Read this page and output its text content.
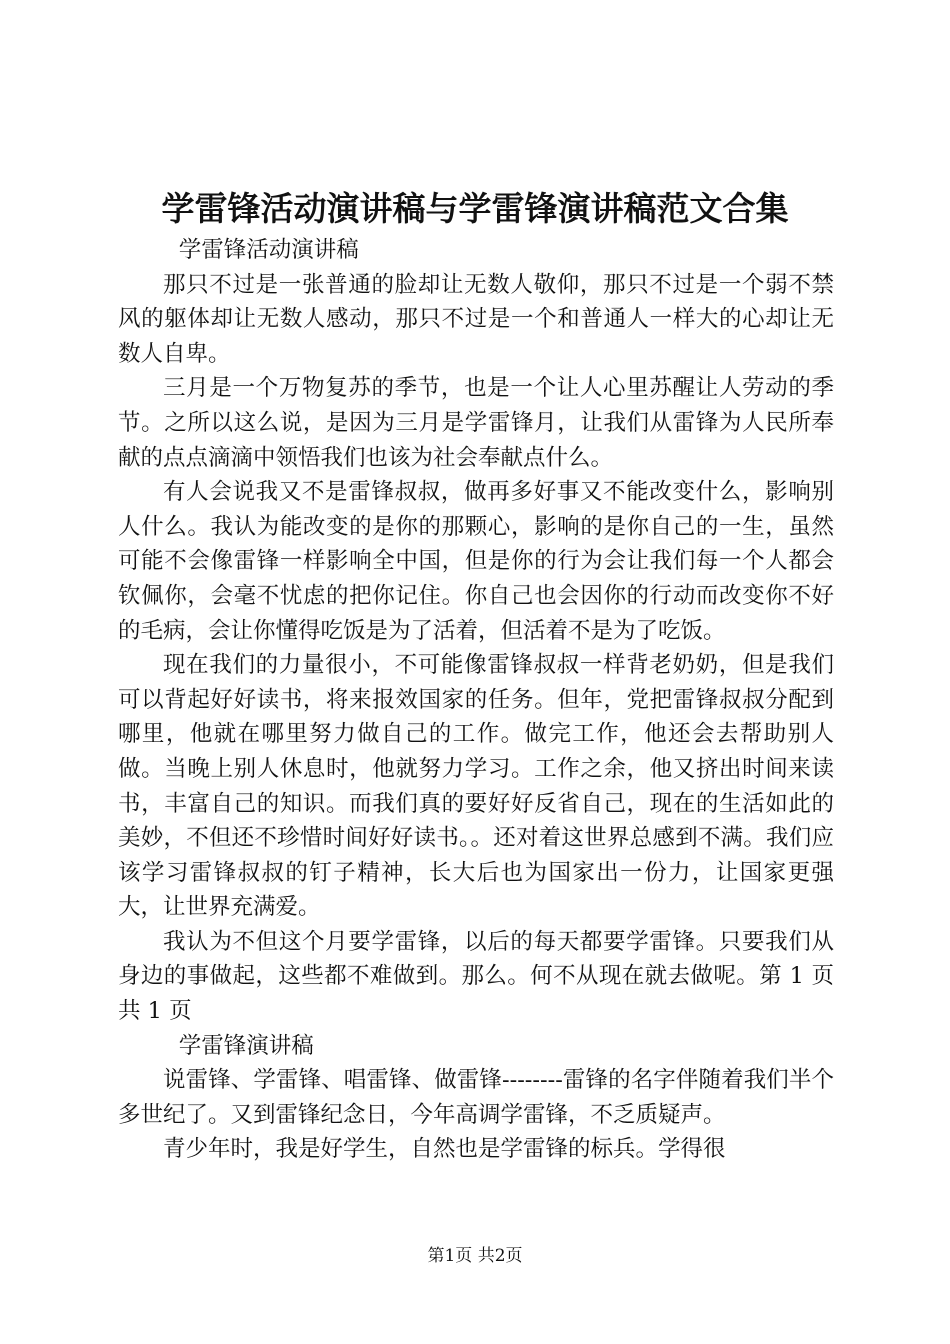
学雷锋活动演讲稿与学雷锋演讲稿范文合集

学雷锋活动演讲稿

那只不过是一张普通的脸却让无数人敬仰，那只不过是一个弱不禁风的躯体却让无数人感动，那只不过是一个和普通人一样大的心却让无数人自卑。

三月是一个万物复苏的季节，也是一个让人心里苏醒让人劳动的季节。之所以这么说，是因为三月是学雷锋月，让我们从雷锋为人民所奉献的点点滴滴中领悟我们也该为社会奉献点什么。

有人会说我又不是雷锋叔叔，做再多好事又不能改变什么，影响别人什么。我认为能改变的是你的那颗心，影响的是你自己的一生，虽然可能不会像雷锋一样影响全中国，但是你的行为会让我们每一个人都会钦佩你，会毫不忧虑的把你记住。你自己也会因你的行动而改变你不好的毛病，会让你懂得吃饭是为了活着，但活着不是为了吃饭。

现在我们的力量很小，不可能像雷锋叔叔一样背老奶奶，但是我们可以背起好好读书，将来报效国家的任务。但年，党把雷锋叔叔分配到哪里，他就在哪里努力做自己的工作。做完工作，他还会去帮助别人做。当晚上别人休息时，他就努力学习。工作之余，他又挤出时间来读书，丰富自己的知识。而我们真的要好好反省自己，现在的生活如此的美妙，不但还不珍惜时间好好读书。。还对着这世界总感到不满。我们应该学习雷锋叔叔的钉子精神，长大后也为国家出一份力，让国家更强大，让世界充满爱。

我认为不但这个月要学雷锋，以后的每天都要学雷锋。只要我们从身边的事做起，这些都不难做到。那么。何不从现在就去做呢。第 1 页共 1 页

学雷锋演讲稿

说雷锋、学雷锋、唱雷锋、做雷锋--------雷锋的名字伴随着我们半个多世纪了。又到雷锋纪念日，今年高调学雷锋，不乏质疑声。

青少年时，我是好学生，自然也是学雷锋的标兵。学得很

第1页 共2页
